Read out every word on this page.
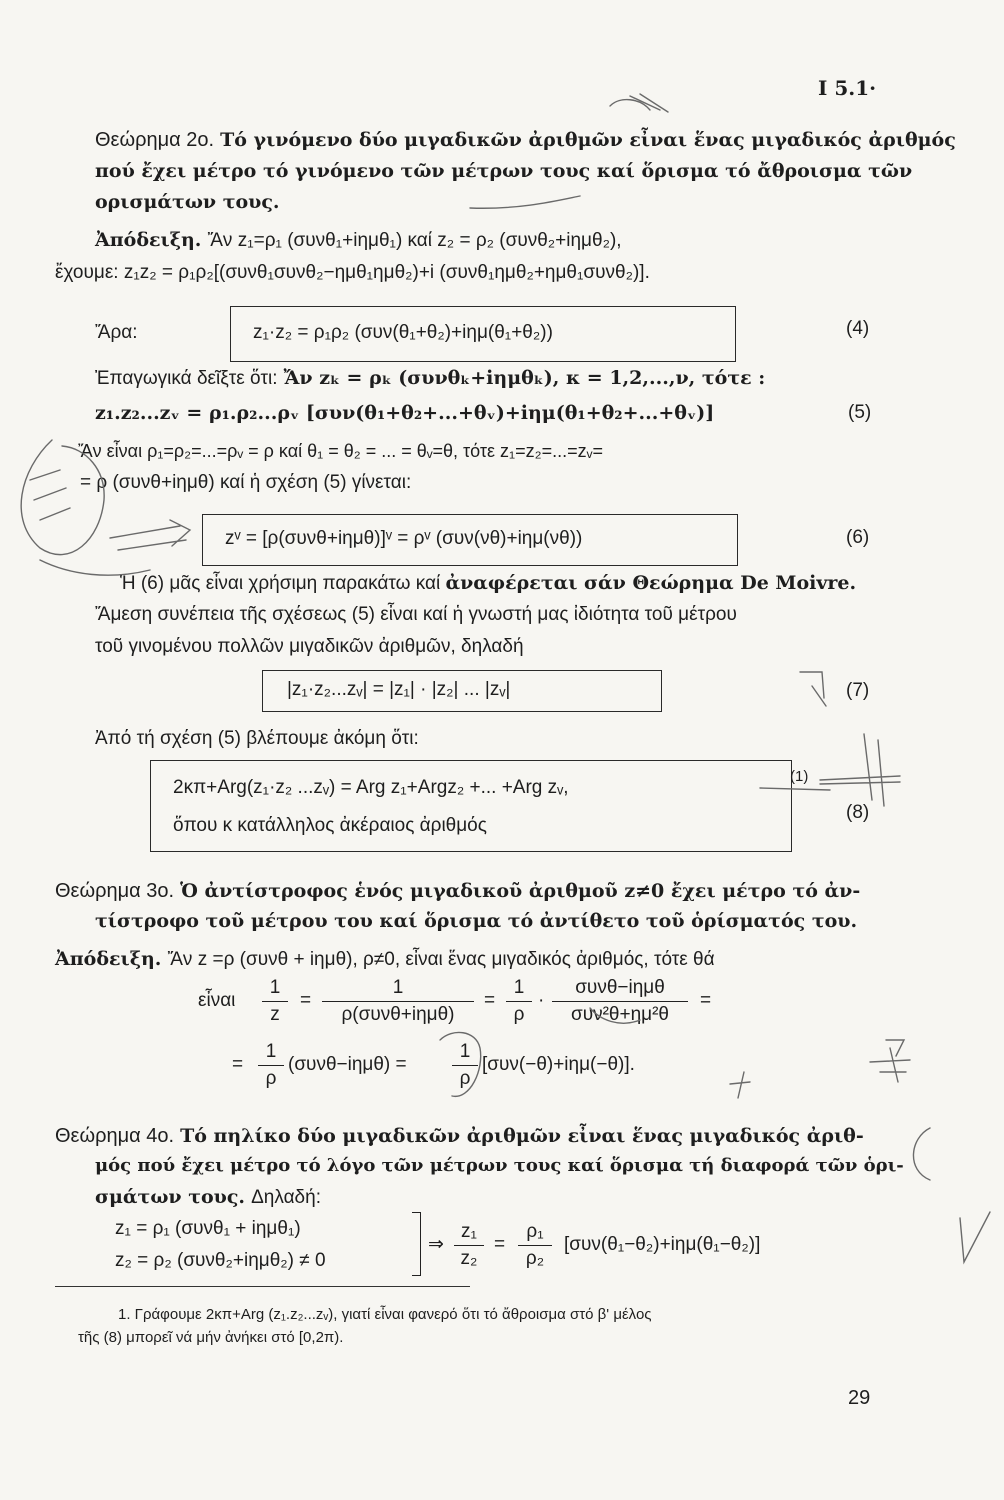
Ι 5.1·
Θεώρημα 2ο. Τό γινόμενο δύο μιγαδικῶν ἀριθμῶν εἶναι ἕνας μιγαδικός ἀριθμός
πού ἔχει μέτρο τό γινόμενο τῶν μέτρων τους καί ὅρισμα τό ἄθροισμα τῶν
ορισμάτων τους.
Ἀπόδειξη. Ἄν z₁=ρ₁ (συνθ₁+iημθ₁) καί z₂ = ρ₂ (συνθ₂+iημθ₂),
ἔχουμε: z₁z₂ = ρ₁ρ₂[(συνθ₁συνθ₂−ημθ₁ημθ₂)+i (συνθ₁ημθ₂+ημθ₁συνθ₂)].
Ἄρα:	z₁·z₂ = ρ₁ρ₂ (συν(θ₁+θ₂)+iημ(θ₁+θ₂))	(4)
Ἐπαγωγικά δεῖξτε ὅτι: Ἄν zₖ = ρₖ (συνθₖ+iημθₖ), κ = 1,2,...,ν, τότε :
z₁.z₂...zᵥ = ρ₁.ρ₂...ρᵥ [συν(θ₁+θ₂+...+θᵥ)+iημ(θ₁+θ₂+...+θᵥ)]	(5)
Ἄν εἶναι ρ₁=ρ₂=...=ρᵥ = ρ καί θ₁ = θ₂ = ... = θᵥ=θ, τότε z₁=z₂=...=zᵥ=
= ρ (συνθ+iημθ) καί ἡ σχέση (5) γίνεται:
zᵛ = [ρ(συνθ+iημθ)]ᵛ = ρᵛ (συν(νθ)+iημ(νθ))	(6)
Ἡ (6) μᾶς εἶναι χρήσιμη παρακάτω καί ἀναφέρεται σάν Θεώρημα De Moivre.
Ἄμεση συνέπεια τῆς σχέσεως (5) εἶναι καί ἡ γνωστή μας ἰδιότητα τοῦ μέτρου
τοῦ γινομένου πολλῶν μιγαδικῶν ἀριθμῶν, δηλαδή
|z₁·z₂...zᵥ| = |z₁| · |z₂| ... |zᵥ|	(7)
Ἀπό τή σχέση (5) βλέπουμε ἀκόμη ὅτι:
2κπ+Arg(z₁·z₂ ...zᵥ) = Arg z₁+Argz₂ +... +Arg zᵥ,
ὅπου κ κατάλληλος ἀκέραιος ἀριθμός
(1)
(8)
Θεώρημα 3ο. Ὁ ἀντίστροφος ἑνός μιγαδικοῦ ἀριθμοῦ z≠0 ἔχει μέτρο τό ἀν-
τίστροφο τοῦ μέτρου του καί ὅρισμα τό ἀντίθετο τοῦ ὁρίσματός του.
Ἀπόδειξη. Ἄν z =ρ (συνθ + iημθ), ρ≠0, εἶναι ἕνας μιγαδικός ἀριθμός, τότε θά
εἶναι
1
z
=
1
ρ(συνθ+iημθ)
=
1
ρ
·
συνθ−iημθ
συν²θ+ημ²θ
=
=
1
ρ
(συνθ−iημθ) =
1
ρ
[συν(−θ)+iημ(−θ)].
Θεώρημα 4ο. Τό πηλίκο δύο μιγαδικῶν ἀριθμῶν εἶναι ἕνας μιγαδικός ἀριθ-
μός πού ἔχει μέτρο τό λόγο τῶν μέτρων τους καί ὅρισμα τή διαφορά τῶν ὁρι-
σμάτων τους. Δηλαδή:
z₁ = ρ₁ (συνθ₁ + iημθ₁)
z₂ = ρ₂ (συνθ₂+iημθ₂) ≠ 0
⇒
z₁
z₂
=
ρ₁
ρ₂
[συν(θ₁−θ₂)+iημ(θ₁−θ₂)]
1. Γράφουμε 2κπ+Arg (z₁.z₂...zᵥ), γιατί εἶναι φανερό ὅτι τό ἄθροισμα στό β' μέλος
τῆς (8) μπορεῖ νά μήν ἀνήκει στό [0,2π).
29
